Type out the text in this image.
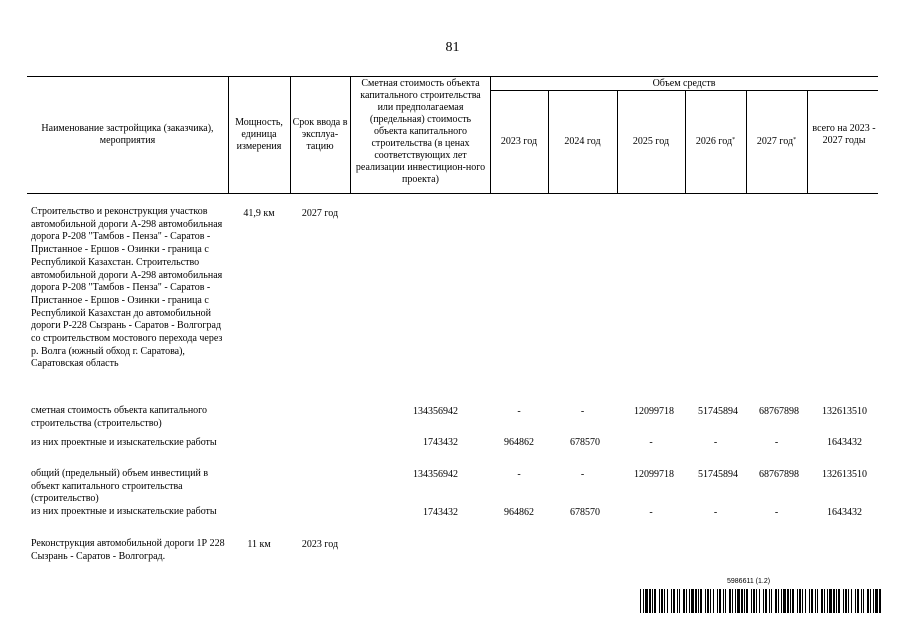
81
Наименование застройщика (заказчика), мероприятия
Мощность, единица измерения
Срок ввода в эксплуа-тацию
Сметная стоимость объекта капитального строительства или предполагаемая (предельная) стоимость объекта капитального строительства (в ценах соответствующих лет реализации инвестицион-ного проекта)
Объем средств
2023 год	2024 год	2025 год	2026 год*	2027 год*
всего на 2023 - 2027 годы
Строительство и реконструкция участков автомобильной дороги А-298 автомобильная дорога Р-208 "Тамбов - Пенза" - Саратов - Пристанное - Ершов - Озинки - граница с Республикой Казахстан. Строительство автомобильной дороги А-298 автомобильная дорога Р-208 "Тамбов - Пенза" - Саратов - Пристанное - Ершов - Озинки - граница с Республикой Казахстан до автомобильной дороги Р-228 Сызрань - Саратов - Волгоград со строительством мостового перехода через р. Волга (южный обход г. Саратова), Саратовская область
41,9 км	2027 год
сметная стоимость объекта капитального строительства (строительство)
134356942	-	-	12099718	51745894	68767898	132613510
из них проектные и изыскательские работы	1743432	964862	678570	-	-	-	1643432
общий (предельный) объем инвестиций в объект капитального строительства (строительство)
134356942	-	-	12099718	51745894	68767898	132613510
из них проектные и изыскательские работы	1743432	964862	678570	-	-	-	1643432
Реконструкция автомобильной дороги 1Р 228 Сызрань - Саратов - Волгоград.
11 км	2023 год
5986611 (1.2)
